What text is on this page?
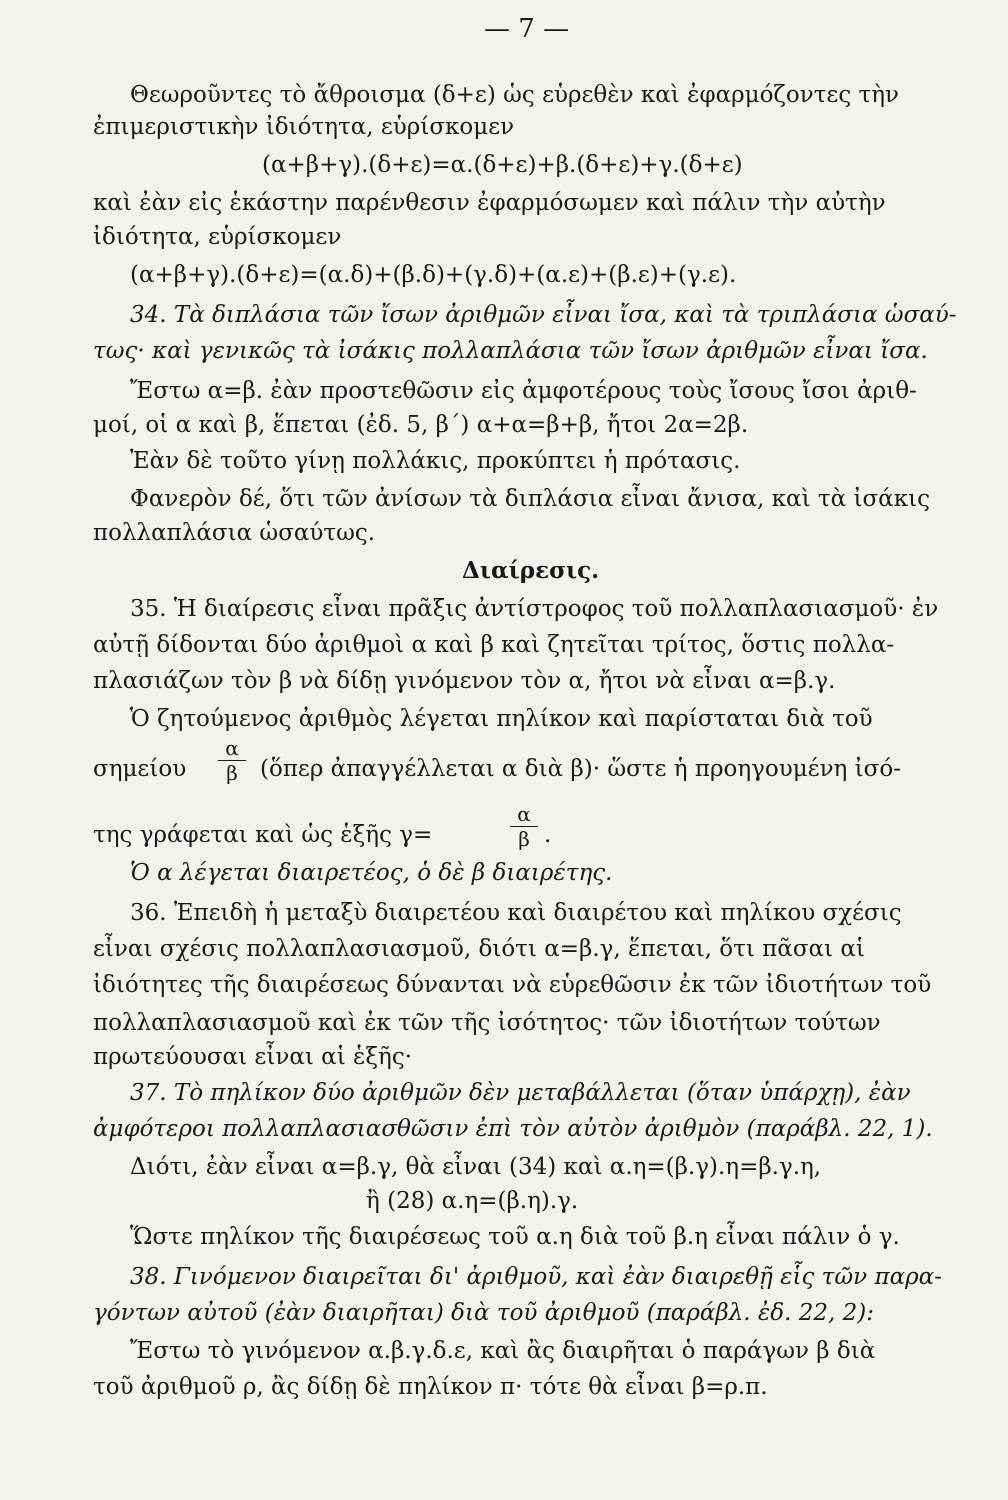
— 7 —
Θεωροῦντες τὸ ἄθροισμα (δ+ε) ὡς εὑρεθὲν καὶ ἐφαρμόζοντες τὴν
ἐπιμεριστικὴν ἰδιότητα, εὑρίσκομεν
(α+β+γ).(δ+ε)=α.(δ+ε)+β.(δ+ε)+γ.(δ+ε)
καὶ ἐὰν εἰς ἑκάστην παρένθεσιν ἐφαρμόσωμεν καὶ πάλιν τὴν αὐτὴν
ἰδιότητα, εὑρίσκομεν
(α+β+γ).(δ+ε)=(α.δ)+(β.δ)+(γ.δ)+(α.ε)+(β.ε)+(γ.ε).
34. Τὰ διπλάσια τῶν ἴσων ἀριθμῶν εἶναι ἴσα, καὶ τὰ τριπλάσια ὡσαύ-
τως· καὶ γενικῶς τὰ ἰσάκις πολλαπλάσια τῶν ἴσων ἀριθμῶν εἶναι ἴσα.
Ἔστω α=β. ἐὰν προστεθῶσιν εἰς ἀμφοτέρους τοὺς ἴσους ἴσοι ἀριθ-
μοί, οἱ α καὶ β, ἕπεται (ἐδ. 5, β΄) α+α=β+β, ἤτοι 2α=2β.
Ἐὰν δὲ τοῦτο γίνῃ πολλάκις, προκύπτει ἡ πρότασις.
Φανερὸν δέ, ὅτι τῶν ἀνίσων τὰ διπλάσια εἶναι ἄνισα, καὶ τὰ ἰσάκις
πολλαπλάσια ὡσαύτως.
Διαίρεσις.
35. Ἡ διαίρεσις εἶναι πρᾶξις ἀντίστροφος τοῦ πολλαπλασιασμοῦ· ἐν
αὐτῇ δίδονται δύο ἀριθμοὶ α καὶ β καὶ ζητεῖται τρίτος, ὅστις πολλα-
πλασιάζων τὸν β νὰ δίδῃ γινόμενον τὸν α, ἤτοι νὰ εἶναι α=β.γ.
Ὁ ζητούμενος ἀριθμὸς λέγεται πηλίκον καὶ παρίσταται διὰ τοῦ
σημείου
α
β (ὅπερ ἀπαγγέλλεται α διὰ β)· ὥστε ἡ προηγουμένη ἰσό-
της γράφεται καὶ ὡς ἑξῆς γ=
α
β .
Ὁ α λέγεται διαιρετέος, ὁ δὲ β διαιρέτης.
36. Ἐπειδὴ ἡ μεταξὺ διαιρετέου καὶ διαιρέτου καὶ πηλίκου σχέσις
εἶναι σχέσις πολλαπλασιασμοῦ, διότι α=β.γ, ἕπεται, ὅτι πᾶσαι αἱ
ἰδιότητες τῆς διαιρέσεως δύνανται νὰ εὑρεθῶσιν ἐκ τῶν ἰδιοτήτων τοῦ
πολλαπλασιασμοῦ καὶ ἐκ τῶν τῆς ἰσότητος· τῶν ἰδιοτήτων τούτων
πρωτεύουσαι εἶναι αἱ ἑξῆς·
37. Τὸ πηλίκον δύο ἀριθμῶν δὲν μεταβάλλεται (ὅταν ὑπάρχῃ), ἐὰν
ἀμφότεροι πολλαπλασιασθῶσιν ἐπὶ τὸν αὐτὸν ἀριθμὸν (παράβλ. 22, 1).
Διότι, ἐὰν εἶναι α=β.γ, θὰ εἶναι (34) καὶ α.η=(β.γ).η=β.γ.η,
ἢ (28) α.η=(β.η).γ.
Ὥστε πηλίκον τῆς διαιρέσεως τοῦ α.η διὰ τοῦ β.η εἶναι πάλιν ὁ γ.
38. Γινόμενον διαιρεῖται δι' ἀριθμοῦ, καὶ ἐὰν διαιρεθῇ εἷς τῶν παρα-
γόντων αὐτοῦ (ἐὰν διαιρῆται) διὰ τοῦ ἀριθμοῦ (παράβλ. ἐδ. 22, 2):
Ἔστω τὸ γινόμενον α.β.γ.δ.ε, καὶ ἂς διαιρῆται ὁ παράγων β διὰ
τοῦ ἀριθμοῦ ρ, ἂς δίδῃ δὲ πηλίκον π· τότε θὰ εἶναι β=ρ.π.
